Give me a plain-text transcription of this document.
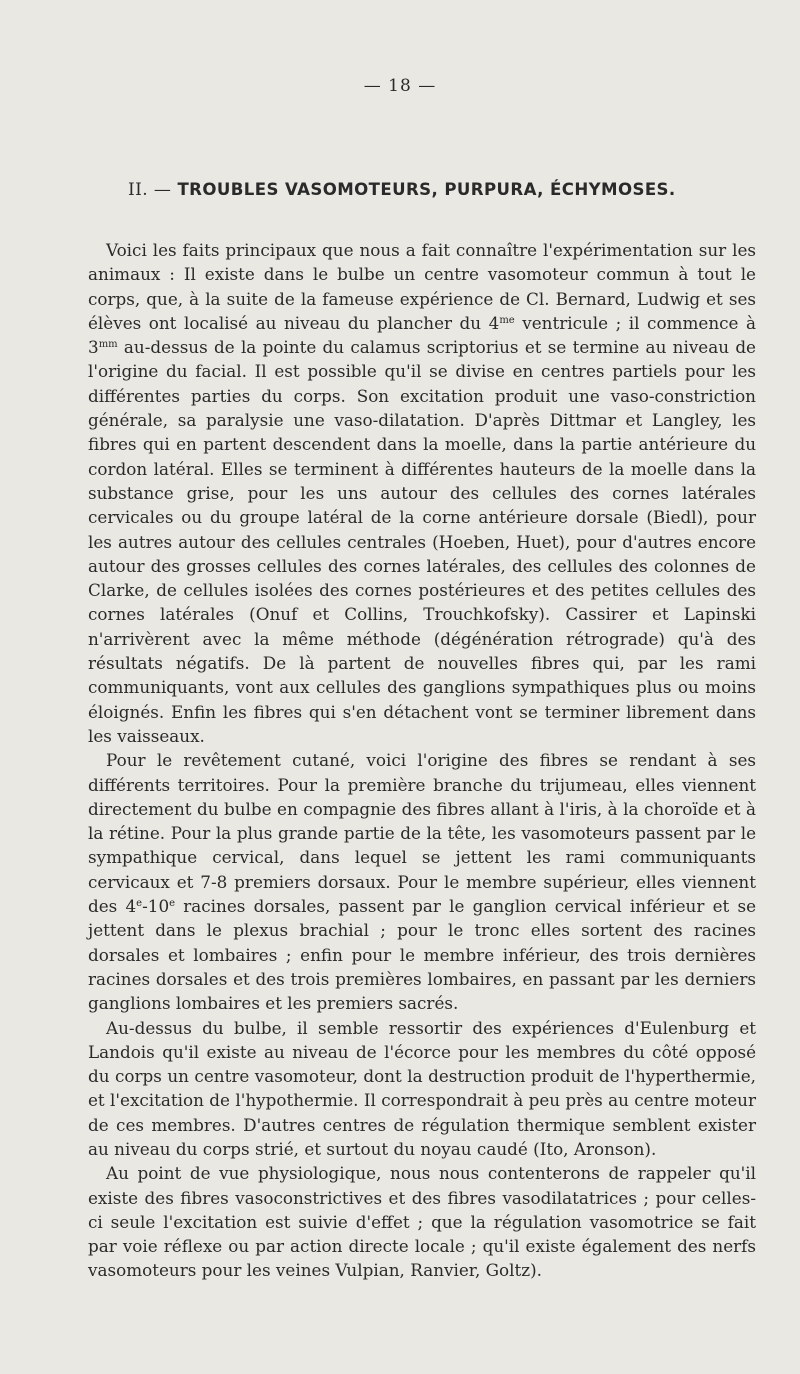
— 18 —
II. — TROUBLES VASOMOTEURS, PURPURA, ÉCHYMOSES.

Voici les faits principaux que nous a fait connaître l'expérimentation sur les animaux : Il existe dans le bulbe un centre vasomoteur commun à tout le corps, que, à la suite de la fameuse expérience de Cl. Bernard, Ludwig et ses élèves ont localisé au niveau du plancher du $4^{me}$ ventricule ; il commence à $3^{mm}$ au-dessus de la pointe du calamus scriptorius et se termine au niveau de l'origine du facial. Il est possible qu'il se divise en centres partiels pour les différentes parties du corps. Son excitation produit une vaso-constriction générale, sa paralysie une vaso-dilatation. D'après Dittmar et Langley, les fibres qui en partent descendent dans la moelle, dans la partie antérieure du cordon latéral. Elles se terminent à différentes hauteurs de la moelle dans la substance grise, pour les uns autour des cellules des cornes latérales cervicales ou du groupe latéral de la corne antérieure dorsale (Biedl), pour les autres autour des cellules centrales (Hoeben, Huet), pour d'autres encore autour des grosses cellules des cornes latérales, des cellules des colonnes de Clarke, de cellules isolées des cornes postérieures et des petites cellules des cornes latérales (Onuf et Collins, Trouchkofsky). Cassirer et Lapinski n'arrivèrent avec la même méthode (dégénération rétrograde) qu'à des résultats négatifs. De là partent de nouvelles fibres qui, par les rami communiquants, vont aux cellules des ganglions sympathiques plus ou moins éloignés. Enfin les fibres qui s'en détachent vont se terminer librement dans les vaisseaux.

Pour le revêtement cutané, voici l'origine des fibres se rendant à ses différents territoires. Pour la première branche du trijumeau, elles viennent directement du bulbe en compagnie des fibres allant à l'iris, à la choroïde et à la rétine. Pour la plus grande partie de la tête, les vasomoteurs passent par le sympathique cervical, dans lequel se jettent les rami communiquants cervicaux et 7-8 premiers dorsaux. Pour le membre supérieur, elles viennent des 4e-10e racines dorsales, passent par le ganglion cervical inférieur et se jettent dans le plexus brachial ; pour le tronc elles sortent des racines dorsales et lombaires ; enfin pour le membre inférieur, des trois dernières racines dorsales et des trois premières lombaires, en passant par les derniers ganglions lombaires et les premiers sacrés.

Au-dessus du bulbe, il semble ressortir des expériences d'Eulenburg et Landois qu'il existe au niveau de l'écorce pour les membres du côté opposé du corps un centre vasomoteur, dont la destruction produit de l'hyperthermie, et l'excitation de l'hypothermie. Il correspondrait à peu près au centre moteur de ces membres. D'autres centres de régulation thermique semblent exister au niveau du corps strié, et surtout du noyau caudé (Ito, Aronson).

Au point de vue physiologique, nous nous contenterons de rappeler qu'il existe des fibres vasoconstrictives et des fibres vasodilatatrices ; pour celles-ci seule l'excitation est suivie d'effet ; que la régulation vasomotrice se fait par voie réflexe ou par action directe locale ; qu'il existe également des nerfs vasomoteurs pour les veines Vulpian, Ranvier, Goltz).
